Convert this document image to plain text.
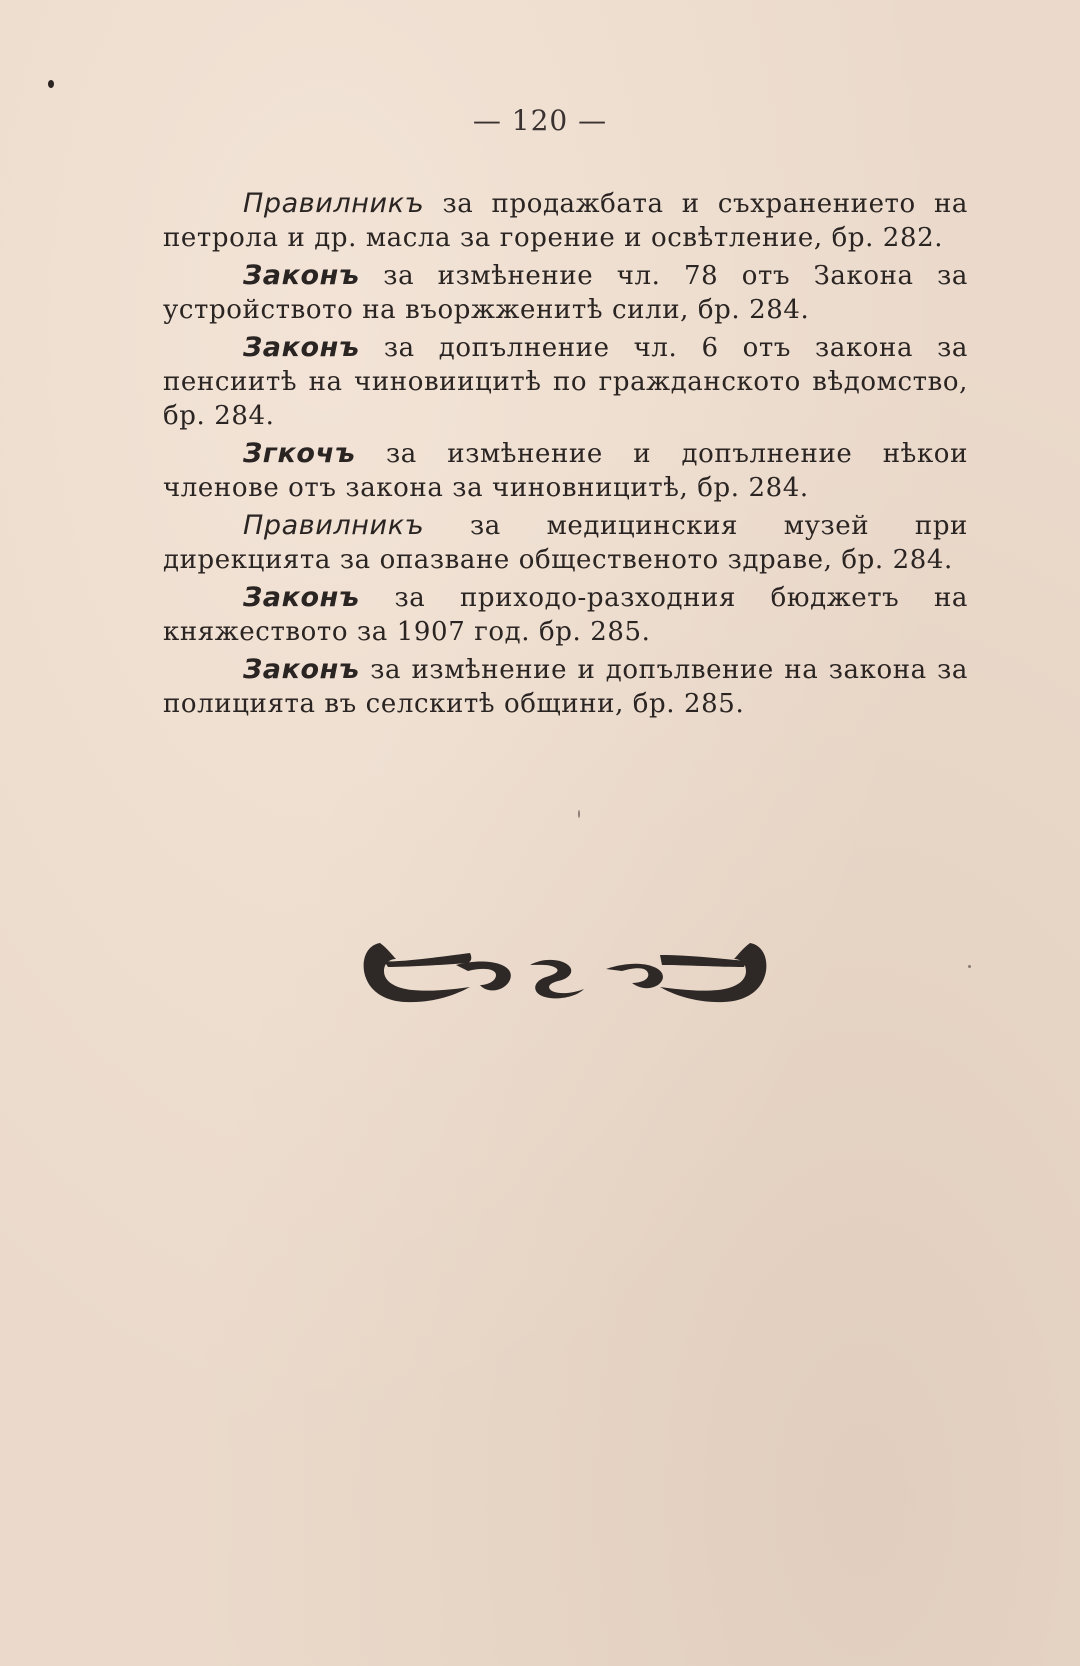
— 120 —

Правилникъ за продажбата и съхранението на петрола и др. масла за горение и освѣтление, бр. 282.

Законъ за измѣнение чл. 78 отъ Закона за устройството на въоржженитѣ сили, бр. 284.

Законъ за допълнение чл. 6 отъ закона за пенсиитѣ на чиновиицитѣ по гражданското вѣдомство, бр. 284.

Згкочъ за измѣнение и допълнение нѣкои членове отъ закона за чиновницитѣ, бр. 284.

Правилникъ за медицинския музей при дирекцията за опазване общественото здраве, бр. 284.

Законъ за приходо-разходния бюджетъ на княжеството за 1907 год. бр. 285.

Законъ за измѣнение и допълвение на закона за полицията въ селскитѣ общини, бр. 285.
